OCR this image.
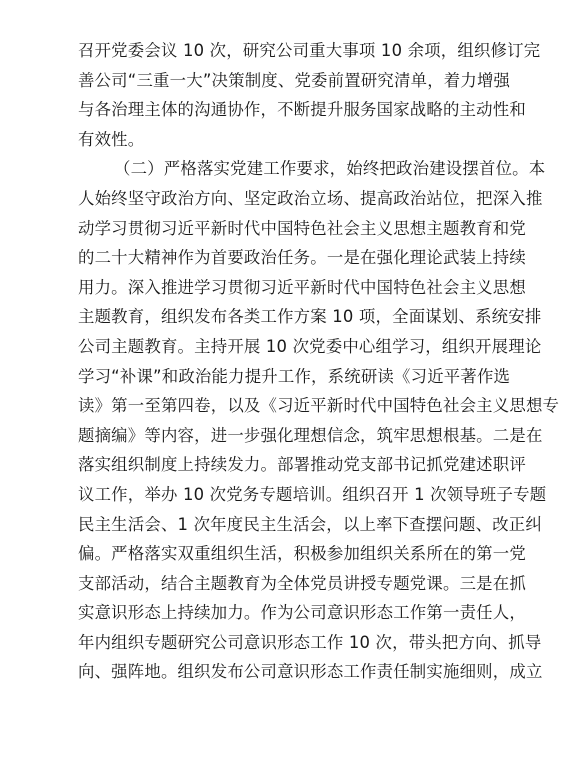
召开党委会议 10 次，研究公司重大事项 10 余项，组织修订完
善公司“三重一大”决策制度、党委前置研究清单，着力增强
与各治理主体的沟通协作，不断提升服务国家战略的主动性和
有效性。
（二）严格落实党建工作要求，始终把政治建设摆首位。本
人始终坚守政治方向、坚定政治立场、提高政治站位，把深入推
动学习贯彻习近平新时代中国特色社会主义思想主题教育和党
的二十大精神作为首要政治任务。一是在强化理论武装上持续
用力。深入推进学习贯彻习近平新时代中国特色社会主义思想
主题教育，组织发布各类工作方案 10 项，全面谋划、系统安排
公司主题教育。主持开展 10 次党委中心组学习，组织开展理论
学习“补课”和政治能力提升工作，系统研读《习近平著作选
读》第一至第四卷，以及《习近平新时代中国特色社会主义思想专
题摘编》等内容，进一步强化理想信念，筑牢思想根基。二是在
落实组织制度上持续发力。部署推动党支部书记抓党建述职评
议工作，举办 10 次党务专题培训。组织召开 1 次领导班子专题
民主生活会、1 次年度民主生活会，以上率下查摆问题、改正纠
偏。严格落实双重组织生活，积极参加组织关系所在的第一党
支部活动，结合主题教育为全体党员讲授专题党课。三是在抓
实意识形态上持续加力。作为公司意识形态工作第一责任人，
年内组织专题研究公司意识形态工作 10 次，带头把方向、抓导
向、强阵地。组织发布公司意识形态工作责任制实施细则，成立
